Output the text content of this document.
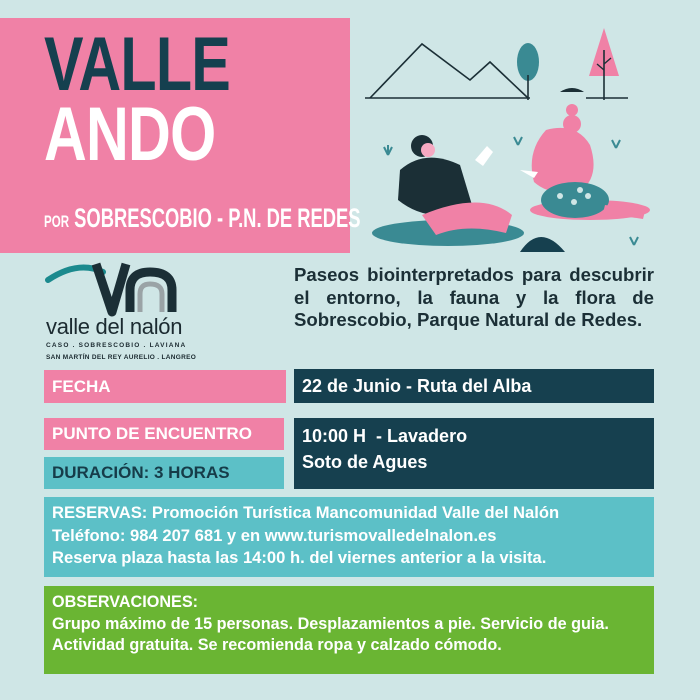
VALLE
ANDO
POR SOBRESCOBIO - P.N. DE REDES
valle del nalón
CASO . SOBRESCOBIO . LAVIANA
SAN MARTÍN DEL REY AURELIO . LANGREO
Paseos biointerpretados para descubrir el entorno, la fauna y la flora de Sobrescobio, Parque Natural de Redes.
FECHA	22 de Junio - Ruta del Alba
PUNTO DE ENCUENTRO	10:00 H  - Lavadero
Soto de Agues
DURACIÓN: 3 HORAS
RESERVAS: Promoción Turística Mancomunidad Valle del Nalón
Teléfono: 984 207 681 y en www.turismovalledelnalon.es
Reserva plaza hasta las 14:00 h. del viernes anterior a la visita.
OBSERVACIONES:
Grupo máximo de 15 personas. Desplazamientos a pie. Servicio de guia.
Actividad gratuita. Se recomienda ropa y calzado cómodo.
